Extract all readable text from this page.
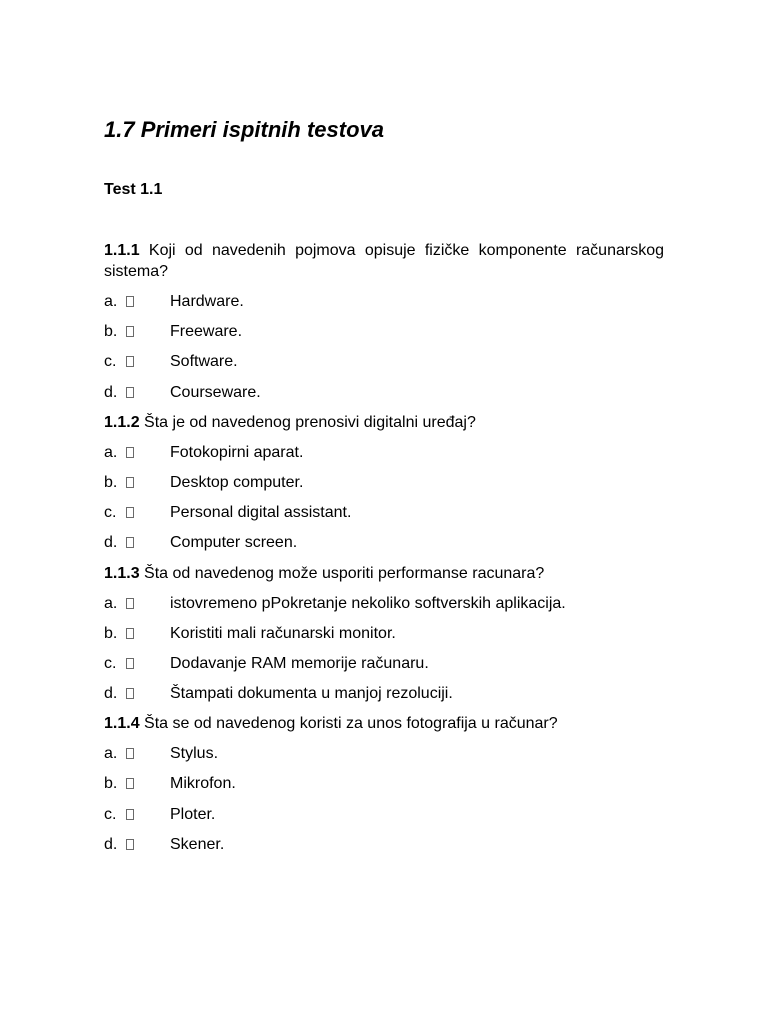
1.7 Primeri ispitnih testova
Test 1.1

1.1.1 Koji od navedenih pojmova opisuje fizičke komponente računarskog sistema?

a.	Hardware.
b.	Freeware.
c.	Software.
d.	Courseware.

1.1.2 Šta je od navedenog prenosivi digitalni uređaj?

a.	Fotokopirni aparat.
b.	Desktop computer.
c.	Personal digital assistant.
d.	Computer screen.

1.1.3 Šta od navedenog može usporiti performanse racunara?

a.	istovremeno pPokretanje nekoliko softverskih aplikacija.
b.	Koristiti mali računarski monitor.
c.	Dodavanje RAM memorije računaru.
d.	Štampati dokumenta u manjoj rezoluciji.

1.1.4 Šta se od navedenog koristi za unos fotografija u računar?

a.	Stylus.
b.	Mikrofon.
c.	Ploter.
d.	Skener.
